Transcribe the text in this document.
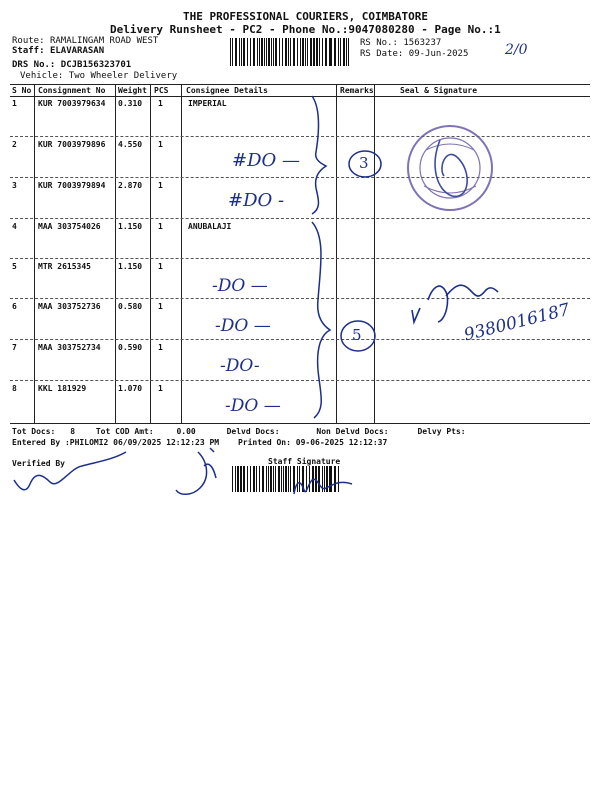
THE PROFESSIONAL COURIERS, COIMBATORE
Delivery Runsheet - PC2 - Phone No.:9047080280 - Page No.:1
Route: RAMALINGAM ROAD WEST
Staff: ELAVARASAN
DRS No.: DCJB156323701
Vehicle: Two Wheeler Delivery
RS No.: 1563237
RS Date: 09-Jun-2025	2/0
S No Consignment No Weight PCS Consignee Details	Remarks	Seal & Signature
1	KUR 7003979634 0.310 1	IMPERIAL
2	KUR 7003979896 4.550 1
3	KUR 7003979894 2.870 1
4	MAA 303754026 1.150 1	ANUBALAJI
5	MTR 2615345	1.150 1
6	MAA 303752736 0.580 1
7	MAA 303752734 0.590 1
8	KKL 181929	1.070 1
#DO —
#DO -
-DO —
-DO —
-DO-
-DO —
3
5	9380016187
Tot Docs: 8	Tot COD Amt:	0.00	Delvd Docs:	Non Delvd Docs:	Delvy Pts:
Entered By :PHILOMI2 06/09/2025 12:12:23 PM Printed On: 09-06-2025 12:12:37
Verified By	Staff Signature
